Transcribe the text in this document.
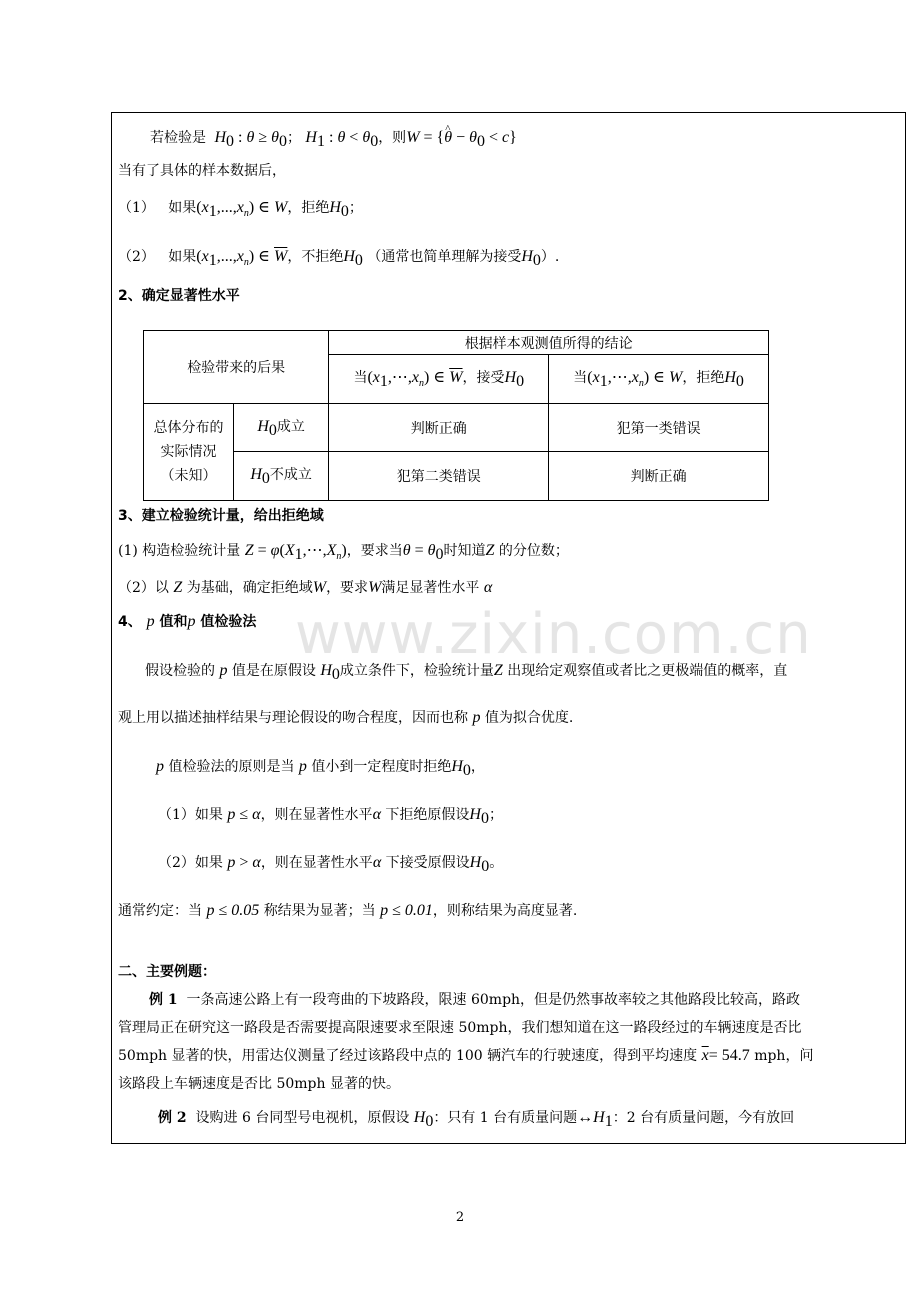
若检验是  $H_0$ : $\theta \ge \theta_0$； $H_1$ : $\theta < \theta_0$，则W = {^ $\theta - \theta_0 < c$}
当有了具体的样本数据后，
（1） 如果$(x_1,...,x_n)$ ∈ W，拒绝$H_0$；
（2） 如果$(x_1,...,x_n)$ ∈ $\overline{W}$，不拒绝$H_0$ （通常也简单理解为接受$H_0$）.
2、确定显著性水平
检验带来的后果		根据样本观测值所得的结论	
		当$(x_1,\cdots,x_n)$ ∈ $\overline{W}$，接受$H_0$	当$(x_1,\cdots,x_n)$ ∈ W，拒绝$H_0$
总体分布的实际情况（未知）	$H_0$成立	判断正确	犯第一类错误
	$H_0$不成立	犯第二类错误	判断正确
3、建立检验统计量，给出拒绝域
(1) 构造检验统计量 $Z = \varphi(X_1,\cdots,X_n)$，要求当$\theta = \theta_0$时知道Z 的分位数；
（2）以 Z 为基础，确定拒绝域W，要求W满足显著性水平 α
4、 p 值和p 值检验法 www.zixin.com.cn
假设检验的 p 值是在原假设 $H_0$成立条件下，检验统计量Z 出现给定观察值或者比之更极端值的概率，直
观上用以描述抽样结果与理论假设的吻合程度，因而也称 p 值为拟合优度.
p 值检验法的原则是当 p 值小到一定程度时拒绝$H_0$，
（1）如果 p ≤ α，则在显著性水平α 下拒绝原假设$H_0$；
（2）如果 p > α，则在显著性水平α 下接受原假设$H_0$。
通常约定：当 p ≤ 0.05 称结果为显著；当 p ≤ 0.01，则称结果为高度显著.
二、主要例题：
例 1 一条高速公路上有一段弯曲的下坡路段，限速 60mph，但是仍然事故率较之其他路段比较高，路政
管理局正在研究这一路段是否需要提高限速要求至限速 50mph，我们想知道在这一路段经过的车辆速度是否比
50mph 显著的快，用雷达仪测量了经过该路段中点的 100 辆汽车的行驶速度，得到平均速度 $\overline{x}= 54.7$ mph，问
该路段上车辆速度是否比 50mph 显著的快。
例 2 设购进 6 台同型号电视机，原假设 $H_0$：只有 1 台有质量问题$\leftrightarrow H_1$：2 台有质量问题，今有放回
2
